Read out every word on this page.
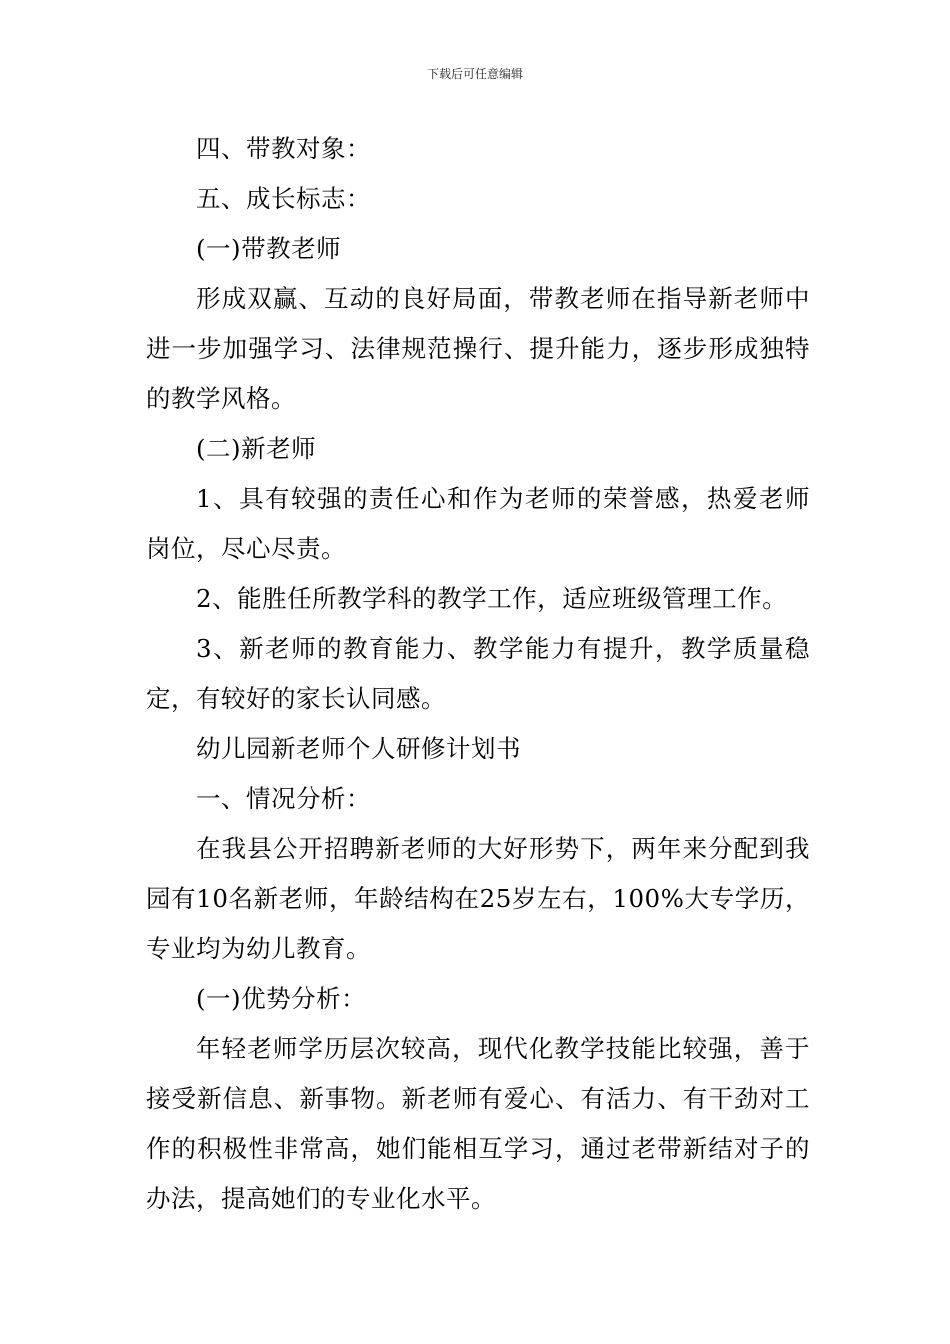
下载后可任意编辑

四、带教对象：

五、成长标志：

(一)带教老师

形成双赢、互动的良好局面，带教老师在指导新老师中进一步加强学习、法律规范操行、提升能力，逐步形成独特的教学风格。

(二)新老师

1、具有较强的责任心和作为老师的荣誉感，热爱老师岗位，尽心尽责。

2、能胜任所教学科的教学工作，适应班级管理工作。

3、新老师的教育能力、教学能力有提升，教学质量稳定，有较好的家长认同感。

幼儿园新老师个人研修计划书

一、情况分析：

在我县公开招聘新老师的大好形势下，两年来分配到我园有10名新老师，年龄结构在25岁左右，100%大专学历，专业均为幼儿教育。

(一)优势分析：

年轻老师学历层次较高，现代化教学技能比较强，善于接受新信息、新事物。新老师有爱心、有活力、有干劲对工作的积极性非常高，她们能相互学习，通过老带新结对子的办法，提高她们的专业化水平。
